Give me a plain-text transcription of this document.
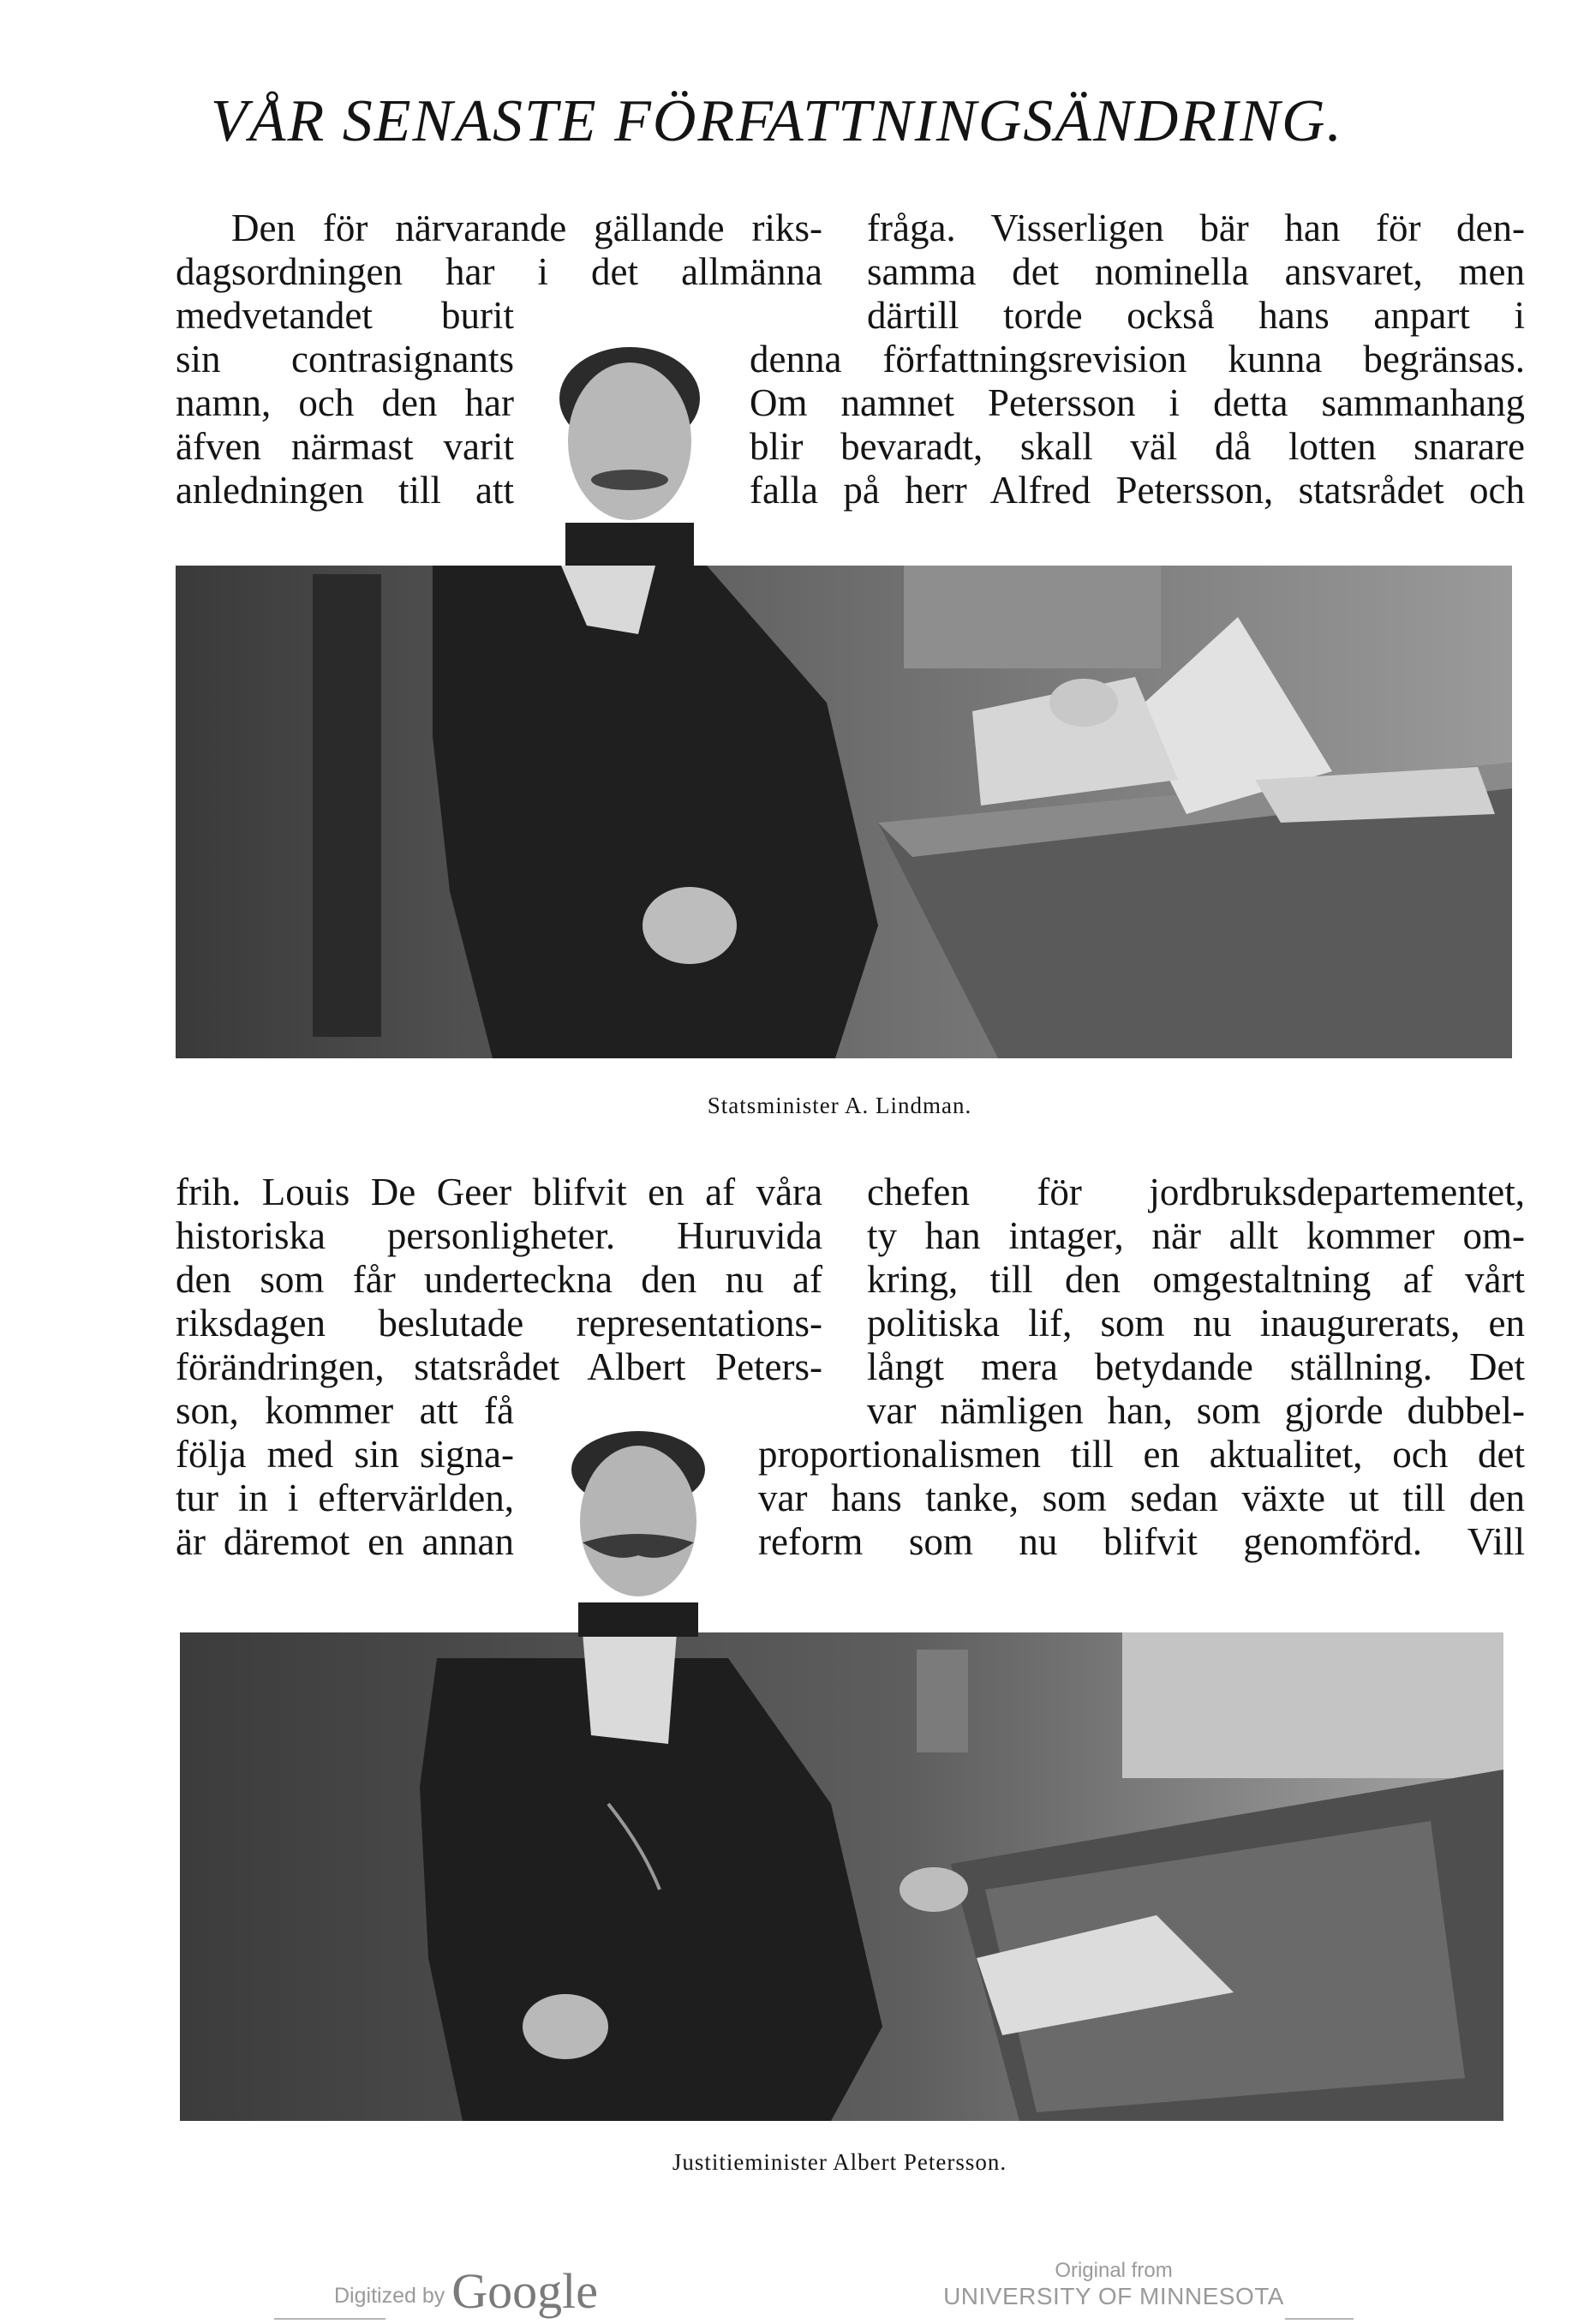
VÅR SENASTE FÖRFATTNINGSÄNDRING.
Den för närvarande gällande riks-
dagsordningen har i det allmänna
medvetandet burit
sin contrasignants
namn, och den har
äfven närmast varit
anledningen till att
fråga. Visserligen bär han för den-
samma det nominella ansvaret, men
därtill torde också hans anpart i
denna författningsrevision kunna begränsas.
Om namnet Petersson i detta sammanhang
blir bevaradt, skall väl då lotten snarare
falla på herr Alfred Petersson, statsrådet och
Statsminister A. Lindman.
frih. Louis De Geer blifvit en af våra
historiska personligheter. Huruvida
den som får underteckna den nu af
riksdagen beslutade representations-
förändringen, statsrådet Albert Peters-
son, kommer att få
följa med sin signa-
tur in i eftervärlden,
är däremot en annan
chefen för jordbruksdepartementet,
ty han intager, när allt kommer om-
kring, till den omgestaltning af vårt
politiska lif, som nu inaugurerats, en
långt mera betydande ställning. Det
var nämligen han, som gjorde dubbel-
proportionalismen till en aktualitet, och det
var hans tanke, som sedan växte ut till den
reform som nu blifvit genomförd. Vill
Justitieminister Albert Petersson.
Digitized by Google	Original from
UNIVERSITY OF MINNESOTA
